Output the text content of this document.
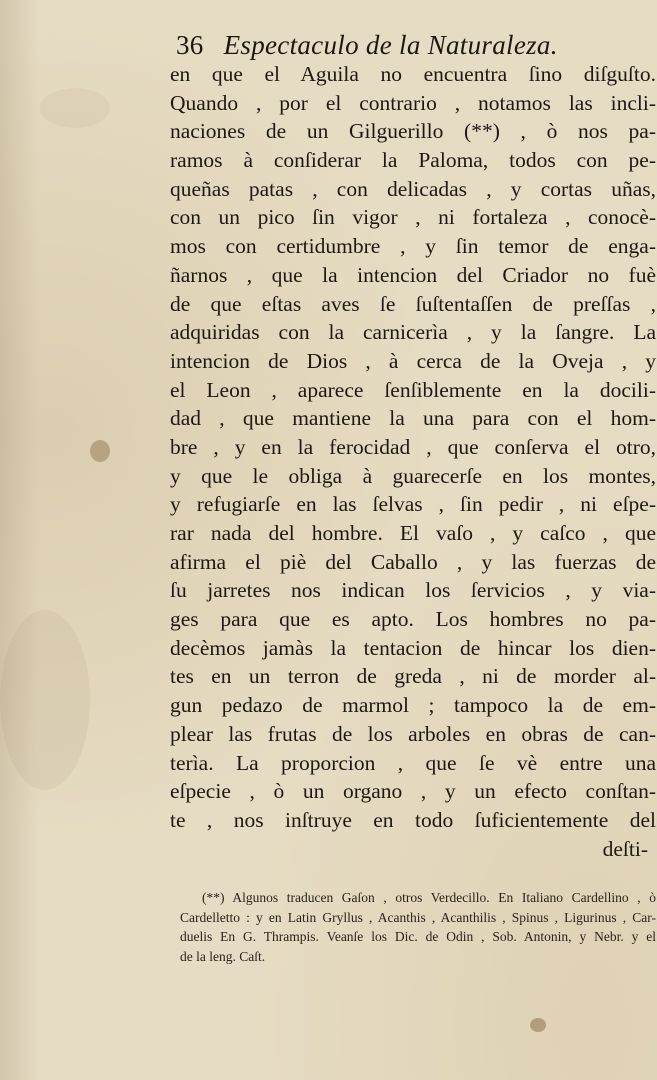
36 Espectaculo de la Naturaleza.
en que el Aguila no encuentra ſino diſguſto.
Quando , por el contrario , notamos las incli-
naciones de un Gilguerillo (**) , ò nos pa-
ramos à conſiderar la Paloma, todos con pe-
queñas patas , con delicadas , y cortas uñas,
con un pico ſin vigor , ni fortaleza , conocè-
mos con certidumbre , y ſin temor de enga-
ñarnos , que la intencion del Criador no fuè
de que eſtas aves ſe ſuſtentaſſen de preſſas ,
adquiridas con la carnicerìa , y la ſangre. La
intencion de Dios , à cerca de la Oveja , y
el Leon , aparece ſenſiblemente en la docili-
dad , que mantiene la una para con el hom-
bre , y en la ferocidad , que conſerva el otro,
y que le obliga à guarecerſe en los montes,
y refugiarſe en las ſelvas , ſin pedir , ni eſpe-
rar nada del hombre. El vaſo , y caſco , que
afirma el piè del Caballo , y las fuerzas de
ſu jarretes nos indican los ſervicios , y via-
ges para que es apto. Los hombres no pa-
decèmos jamàs la tentacion de hincar los dien-
tes en un terron de greda , ni de morder al-
gun pedazo de marmol ; tampoco la de em-
plear las frutas de los arboles en obras de can-
terìa. La proporcion , que ſe vè entre una
eſpecie , ò un organo , y un efecto conſtan-
te , nos inſtruye en todo ſuficientemente del
deſti-
(**) Algunos traducen Gaſon , otros Verdecillo. En Italiano Cardellino , ò
Cardelletto : y en Latin Gryllus , Acanthis , Acanthilis , Spinus , Ligurinus , Car-
duelis En G. Thrampis. Veanſe los Dic. de Odin , Sob. Antonin, y Nebr. y el
de la leng. Caſt.
